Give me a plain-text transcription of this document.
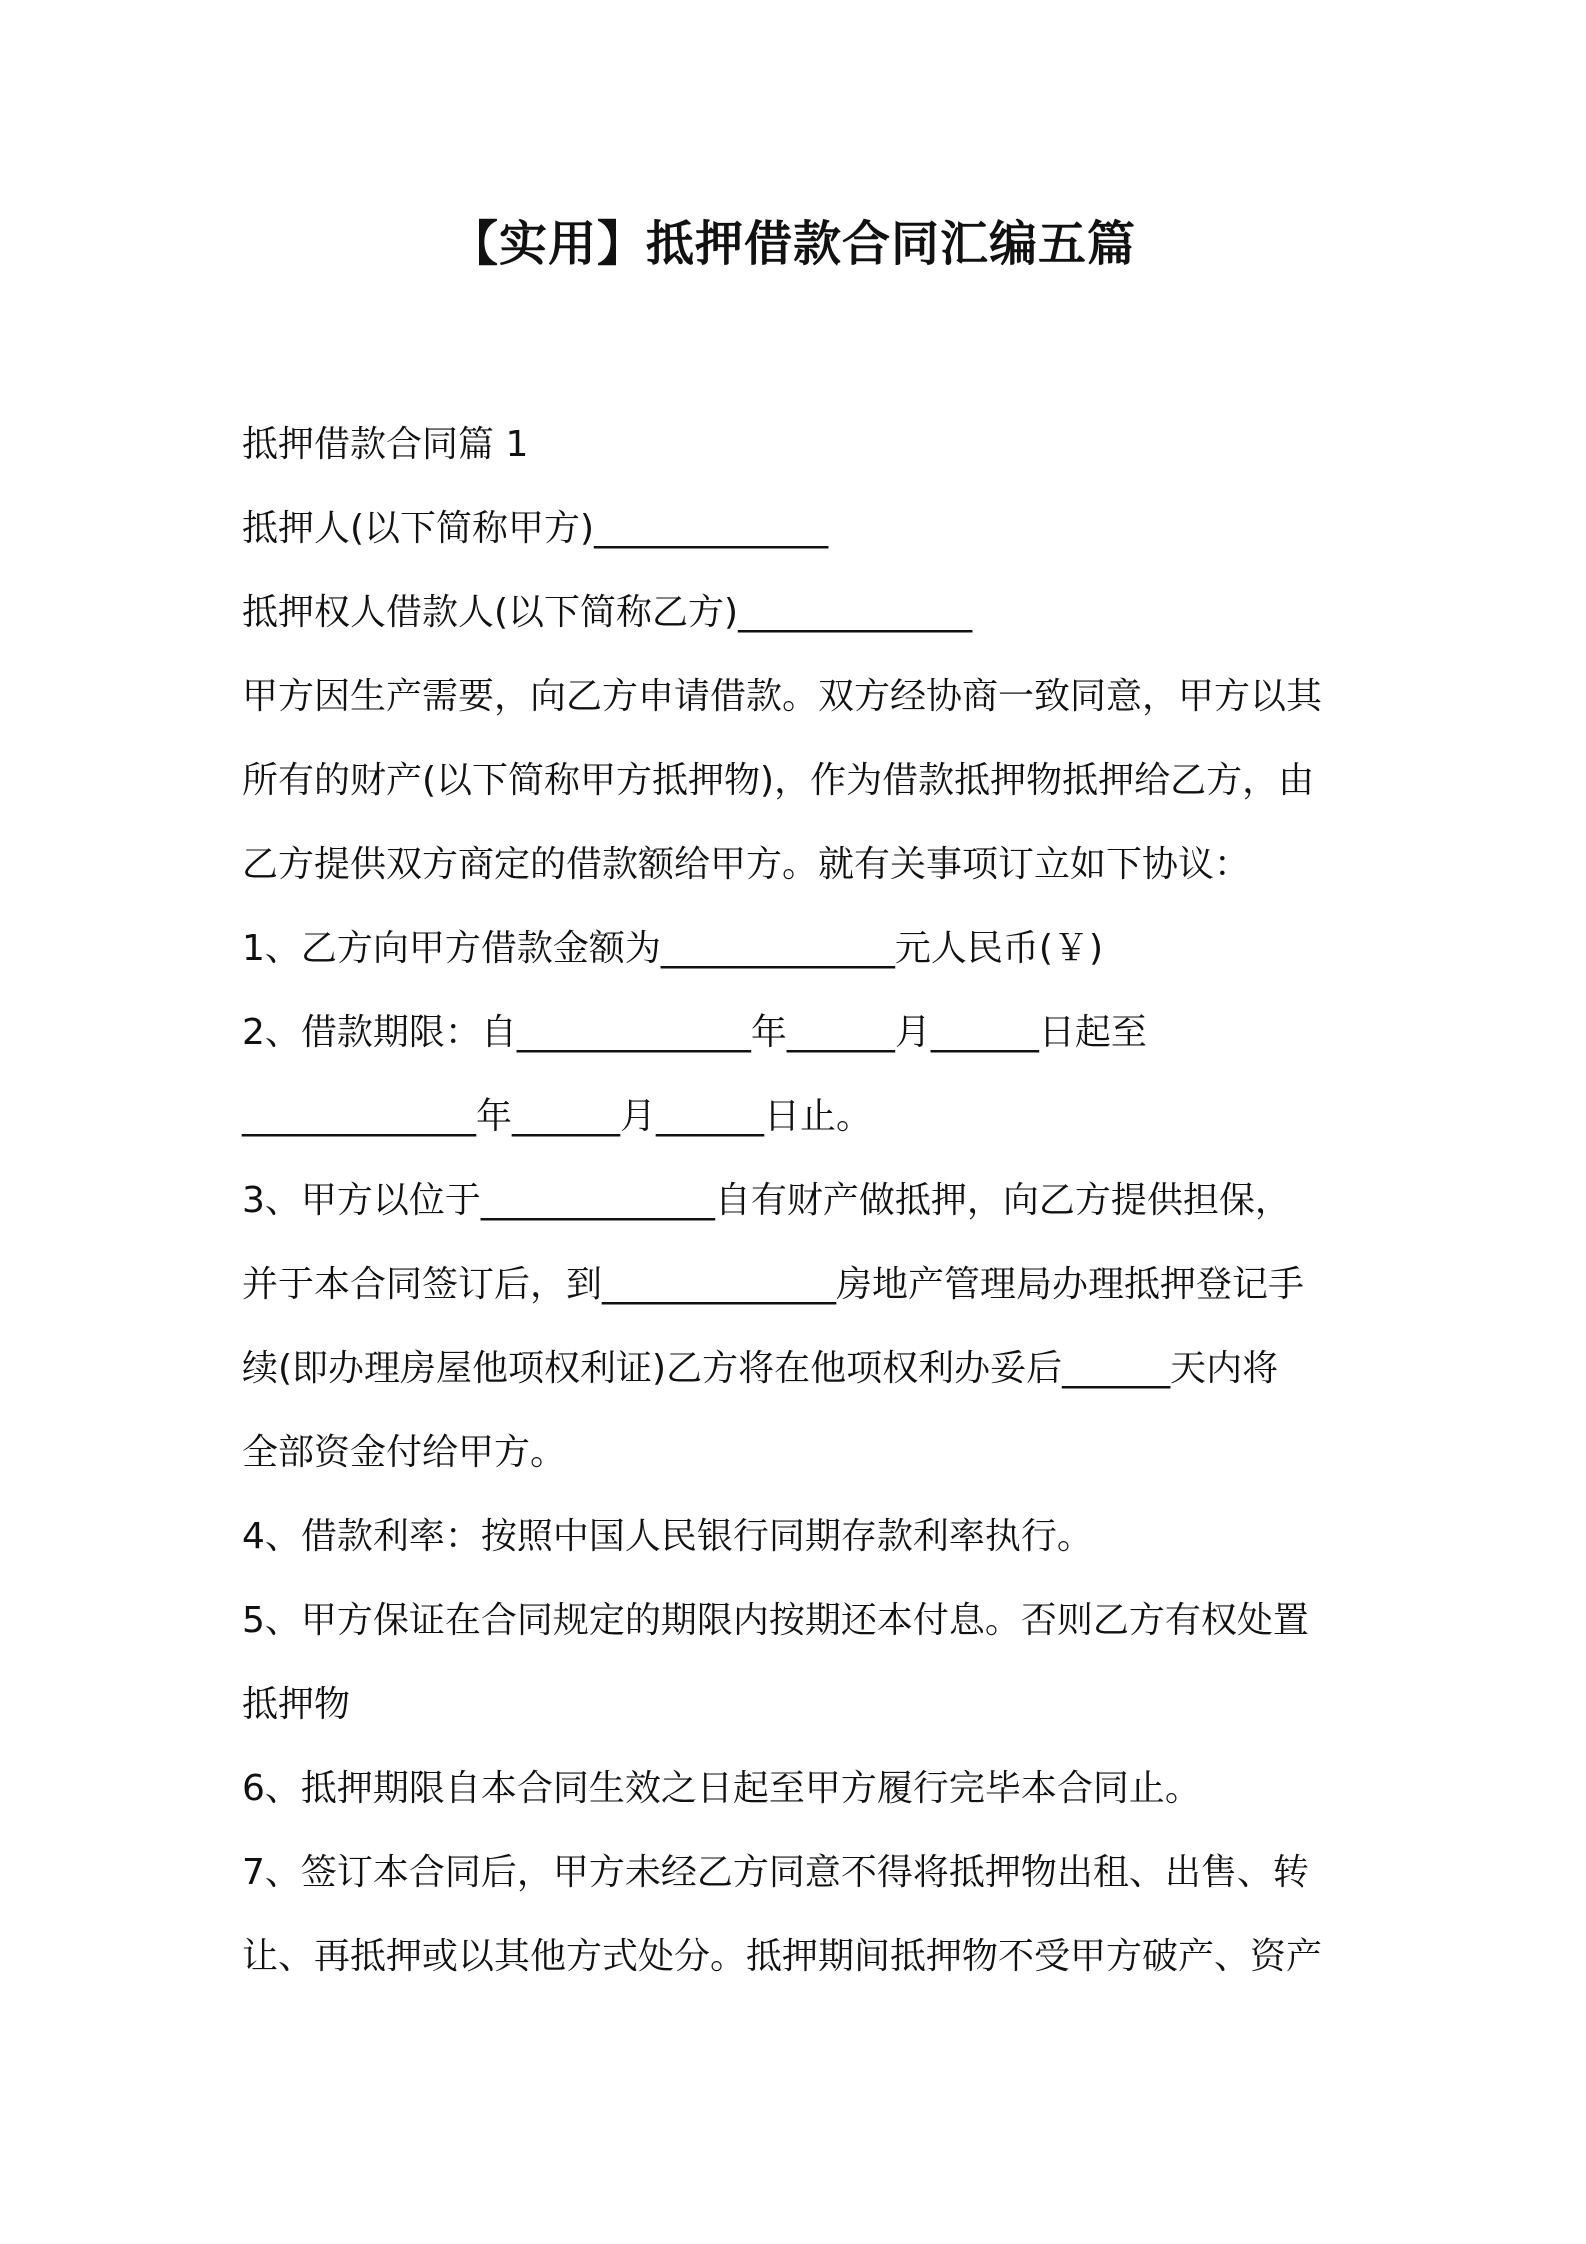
【实用】抵押借款合同汇编五篇

抵押借款合同篇 1

抵押人(以下简称甲方)_____________

抵押权人借款人(以下简称乙方)_____________

甲方因生产需要，向乙方申请借款。双方经协商一致同意，甲方以其

所有的财产(以下简称甲方抵押物)，作为借款抵押物抵押给乙方，由

乙方提供双方商定的借款额给甲方。就有关事项订立如下协议：

1、乙方向甲方借款金额为_____________元人民币(￥)

2、借款期限：自_____________年______月______日起至

_____________年______月______日止。

3、甲方以位于_____________自有财产做抵押，向乙方提供担保，

并于本合同签订后，到_____________房地产管理局办理抵押登记手

续(即办理房屋他项权利证)乙方将在他项权利办妥后______天内将

全部资金付给甲方。

4、借款利率：按照中国人民银行同期存款利率执行。

5、甲方保证在合同规定的期限内按期还本付息。否则乙方有权处置

抵押物

6、抵押期限自本合同生效之日起至甲方履行完毕本合同止。

7、签订本合同后，甲方未经乙方同意不得将抵押物出租、出售、转

让、再抵押或以其他方式处分。抵押期间抵押物不受甲方破产、资产
